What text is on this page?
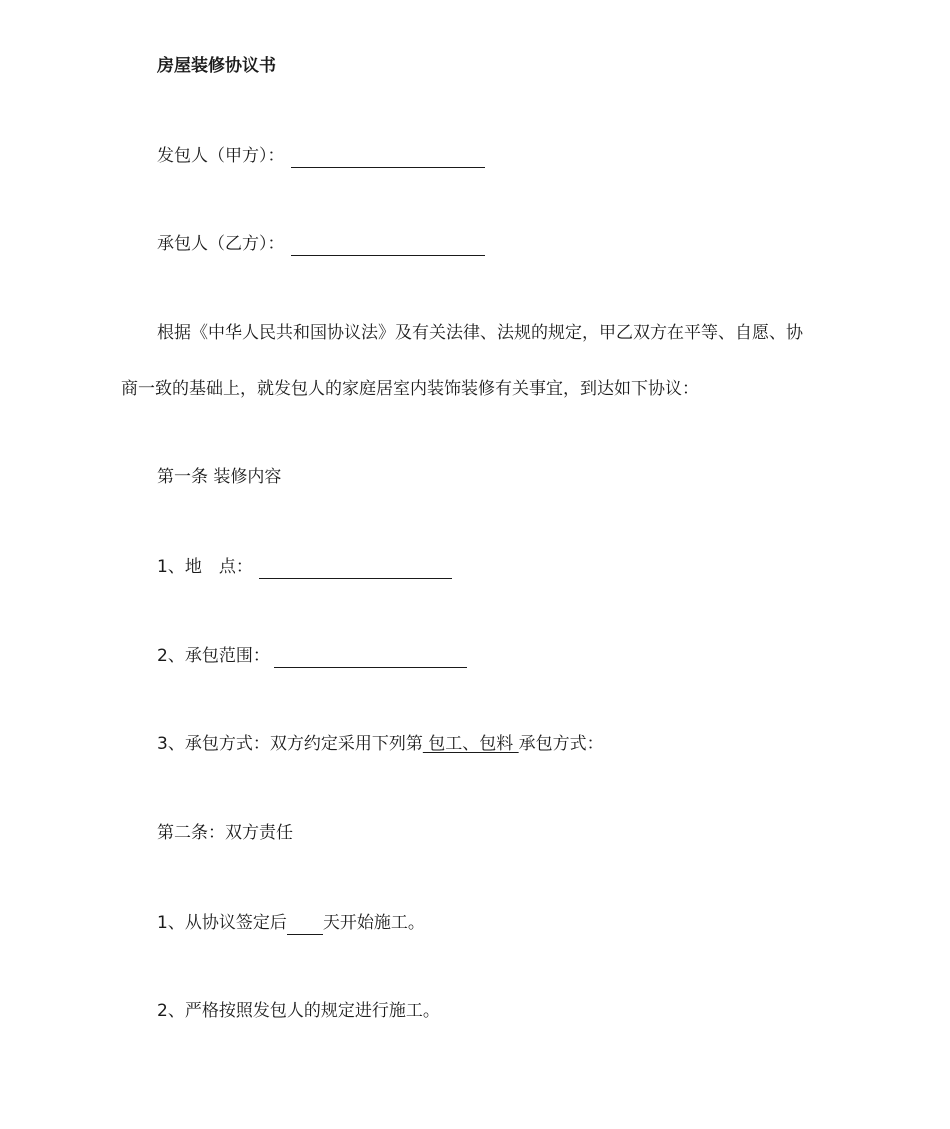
房屋装修协议书
发包人（甲方）：
承包人（乙方）：
根据《中华人民共和国协议法》及有关法律、法规的规定，甲乙双方在平等、自愿、协
商一致的基础上，就发包人的家庭居室内装饰装修有关事宜，到达如下协议：
第一条 装修内容
1、地　点：
2、承包范围：
3、承包方式：双方约定采用下列第 包工、包料 承包方式：
第二条：双方责任
1、从协议签定后 天开始施工。
2、严格按照发包人的规定进行施工。
